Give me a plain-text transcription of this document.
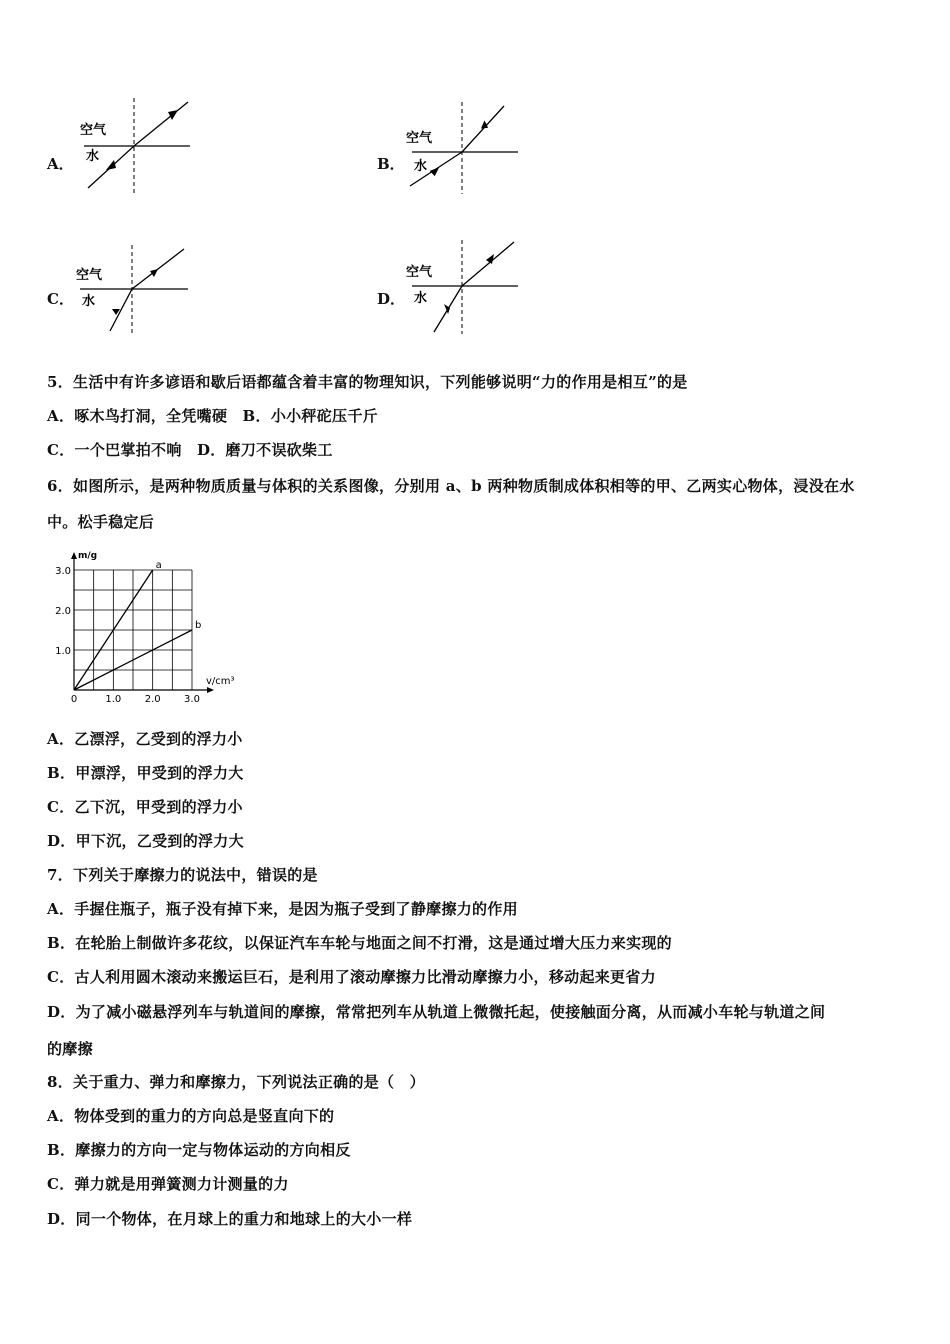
A．
空气
水	B．
空气
水
C．
空气
水	D．
空气
水
5．生活中有许多谚语和歇后语都蕴含着丰富的物理知识，下列能够说明“力的作用是相互”的是
A．啄木鸟打洞，全凭嘴硬　B．小小秤砣压千斤
C．一个巴掌拍不响　D．磨刀不误砍柴工
6．如图所示，是两种物质质量与体积的关系图像，分别用 a、b 两种物质制成体积相等的甲、乙两实心物体，浸没在水
中。松手稳定后
a
b
0	1.0 2.0 3.0
1.0
2.0
3.0
m/g
v/cm³
A．乙漂浮，乙受到的浮力小
B．甲漂浮，甲受到的浮力大
C．乙下沉，甲受到的浮力小
D．甲下沉，乙受到的浮力大
7．下列关于摩擦力的说法中，错误的是
A．手握住瓶子，瓶子没有掉下来，是因为瓶子受到了静摩擦力的作用
B．在轮胎上制做许多花纹，以保证汽车车轮与地面之间不打滑，这是通过增大压力来实现的
C．古人利用圆木滚动来搬运巨石，是利用了滚动摩擦力比滑动摩擦力小，移动起来更省力
D．为了减小磁悬浮列车与轨道间的摩擦，常常把列车从轨道上微微托起，使接触面分离，从而减小车轮与轨道之间
的摩擦
8．关于重力、弹力和摩擦力，下列说法正确的是（　）
A．物体受到的重力的方向总是竖直向下的
B．摩擦力的方向一定与物体运动的方向相反
C．弹力就是用弹簧测力计测量的力
D．同一个物体，在月球上的重力和地球上的大小一样
